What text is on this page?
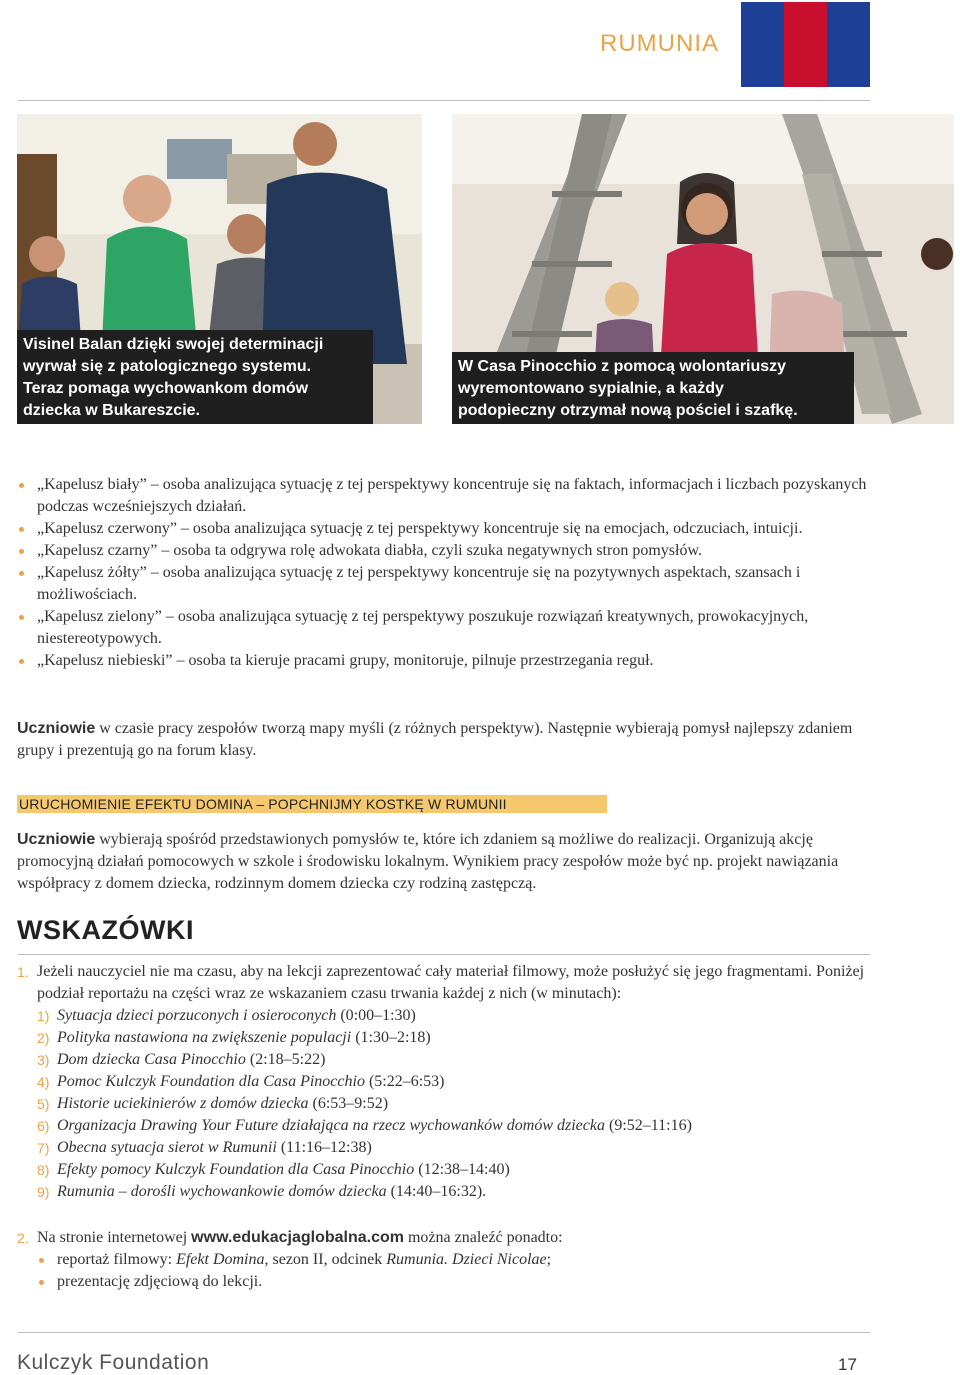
RUMUNIA
Visinel Balan dzięki swojej determinacji
wyrwał się z patologicznego systemu.
Teraz pomaga wychowankom domów
dziecka w Bukareszcie.
W Casa Pinocchio z pomocą wolontariuszy
wyremontowano sypialnie, a każdy
podopieczny otrzymał nową pościel i szafkę.
„Kapelusz biały” – osoba analizująca sytuację z tej perspektywy koncentruje się na faktach, informacjach i liczbach pozyskanych podczas wcześniejszych działań.
„Kapelusz czerwony” – osoba analizująca sytuację z tej perspektywy koncentruje się na emocjach, odczuciach, intuicji.
„Kapelusz czarny” – osoba ta odgrywa rolę adwokata diabła, czyli szuka negatywnych stron pomysłów.
„Kapelusz żółty” – osoba analizująca sytuację z tej perspektywy koncentruje się na pozytywnych aspektach, szansach i możliwościach.
„Kapelusz zielony” – osoba analizująca sytuację z tej perspektywy poszukuje rozwiązań kreatywnych, prowokacyjnych, niestereotypowych.
„Kapelusz niebieski” – osoba ta kieruje pracami grupy, monitoruje, pilnuje przestrzegania reguł.
Uczniowie w czasie pracy zespołów tworzą mapy myśli (z różnych perspektyw). Następnie wybierają pomysł najlepszy zdaniem grupy i prezentują go na forum klasy.
URUCHOMIENIE EFEKTU DOMINA – POPCHNIJMY KOSTKĘ W RUMUNII
Uczniowie wybierają spośród przedstawionych pomysłów te, które ich zdaniem są możliwe do realizacji. Organizują akcję promocyjną działań pomocowych w szkole i środowisku lokalnym. Wynikiem pracy zespołów może być np. projekt nawiązania współpracy z domem dziecka, rodzinnym domem dziecka czy rodziną zastępczą.
WSKAZÓWKI
1. Jeżeli nauczyciel nie ma czasu, aby na lekcji zaprezentować cały materiał filmowy, może posłużyć się jego fragmentami. Poniżej podział reportażu na części wraz ze wskazaniem czasu trwania każdej z nich (w minutach):
1) Sytuacja dzieci porzuconych i osieroconych (0:00–1:30)
2) Polityka nastawiona na zwiększenie populacji (1:30–2:18)
3) Dom dziecka Casa Pinocchio (2:18–5:22)
4) Pomoc Kulczyk Foundation dla Casa Pinocchio (5:22–6:53)
5) Historie uciekinierów z domów dziecka (6:53–9:52)
6) Organizacja Drawing Your Future działająca na rzecz wychowanków domów dziecka (9:52–11:16)
7) Obecna sytuacja sierot w Rumunii (11:16–12:38)
8) Efekty pomocy Kulczyk Foundation dla Casa Pinocchio (12:38–14:40)
9) Rumunia – dorośli wychowankowie domów dziecka (14:40–16:32).
2. Na stronie internetowej www.edukacjaglobalna.com można znaleźć ponadto:
reportaż filmowy: Efekt Domina, sezon II, odcinek Rumunia. Dzieci Nicolae;
prezentację zdjęciową do lekcji.
Kulczyk Foundation	17
